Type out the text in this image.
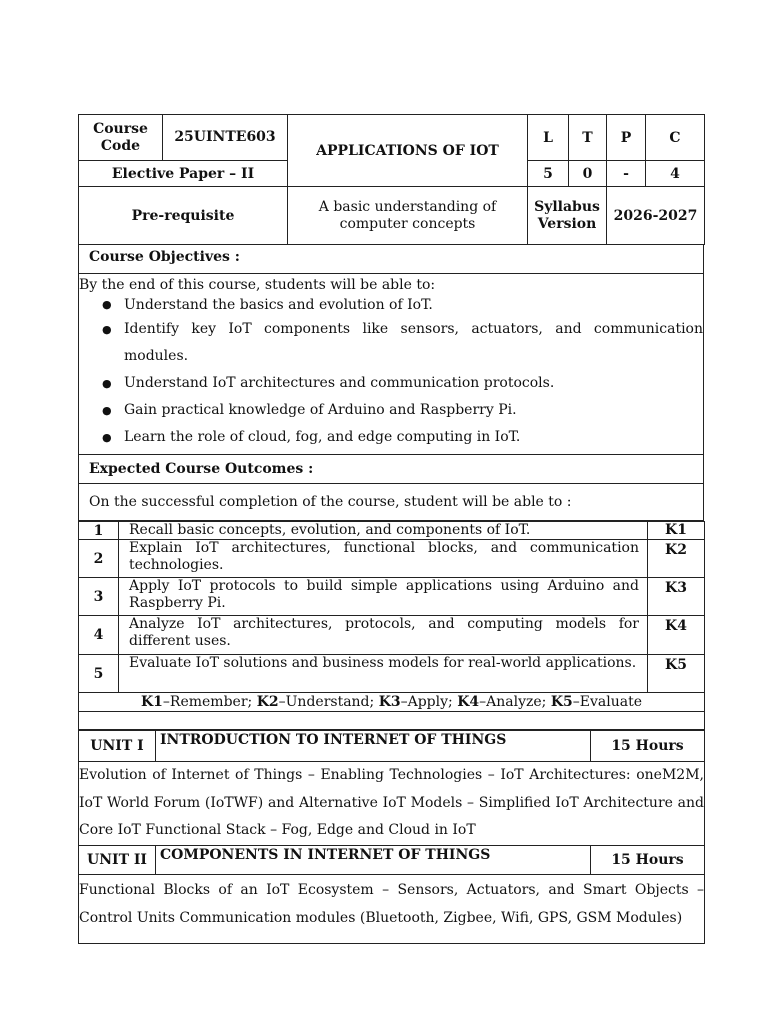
Course Code	25UINTE603	APPLICATIONS OF IOT	L	T	P	C
Elective Paper – II			5	0	-	4
Pre-requisite		A basic understanding of computer concepts	Syllabus Version		2026-2027	
Course Objectives :
By the end of this course, students will be able to:
● Understand the basics and evolution of IoT.
● Identify key IoT components like sensors, actuators, and communication modules.
● Understand IoT architectures and communication protocols.
● Gain practical knowledge of Arduino and Raspberry Pi.
● Learn the role of cloud, fog, and edge computing in IoT.

Expected Course Outcomes :
On the successful completion of the course, student will be able to :
1	Recall basic concepts, evolution, and components of IoT.	K1
2	Explain IoT architectures, functional blocks, and communication technologies.	K2
3	Apply IoT protocols to build simple applications using Arduino and Raspberry Pi.	K3
4	Analyze IoT architectures, protocols, and computing models for different uses.	K4
5	Evaluate IoT solutions and business models for real-world applications.	K5
K1–Remember; K2–Understand; K3–Apply; K4–Analyze; K5–Evaluate		

UNIT I	INTRODUCTION TO INTERNET OF THINGS	15 Hours
Evolution of Internet of Things – Enabling Technologies – IoT Architectures: oneM2M, IoT World Forum (IoTWF) and Alternative IoT Models – Simplified IoT Architecture and Core IoT Functional Stack – Fog, Edge and Cloud in IoT		
UNIT II	COMPONENTS IN INTERNET OF THINGS	15 Hours
Functional Blocks of an IoT Ecosystem – Sensors, Actuators, and Smart Objects – Control Units Communication modules (Bluetooth, Zigbee, Wifi, GPS, GSM Modules)		
